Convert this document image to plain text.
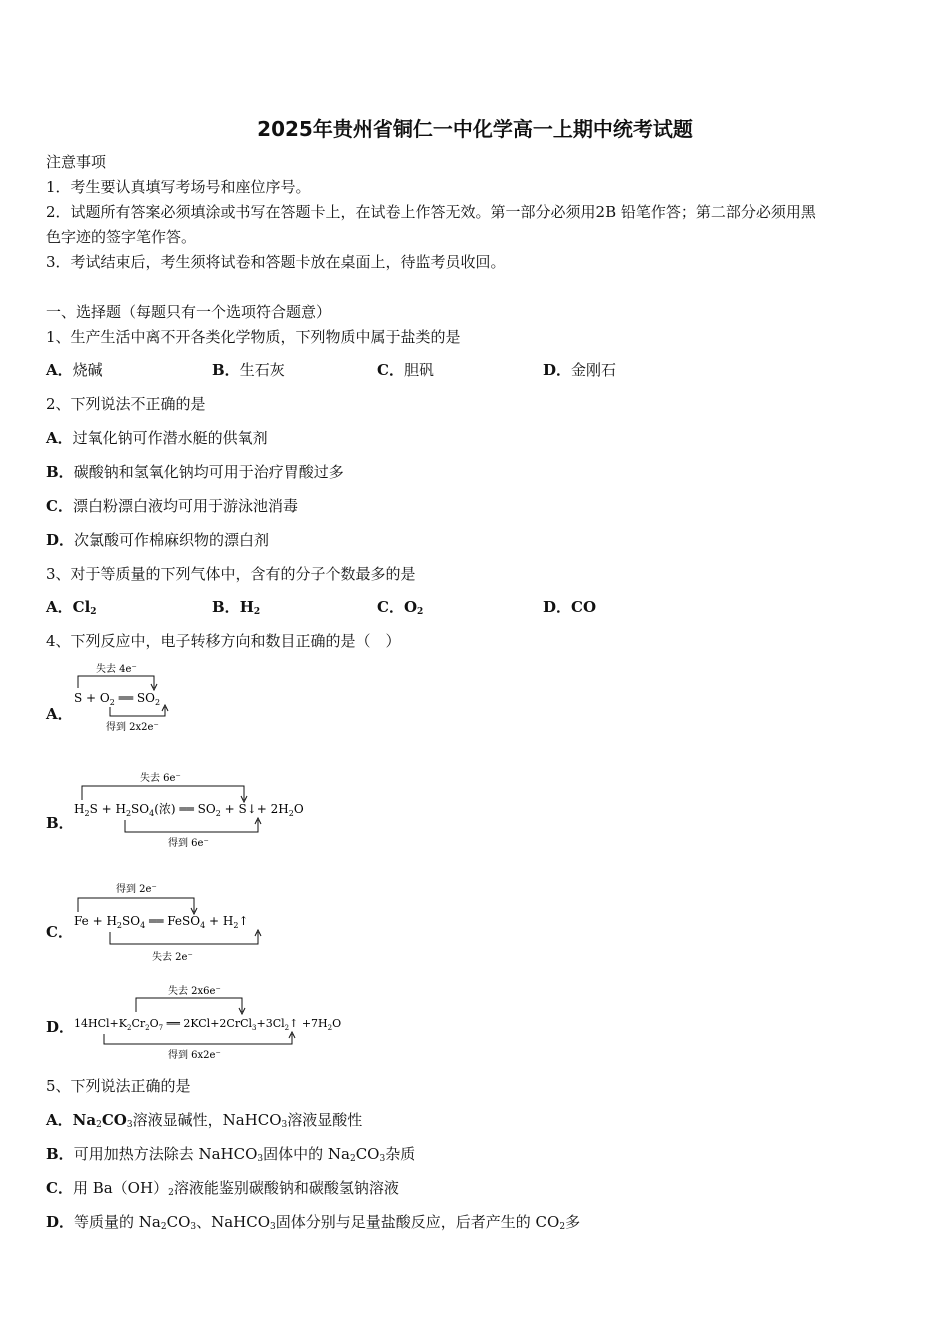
2025年贵州省铜仁一中化学高一上期中统考试题
注意事项
1．考生要认真填写考场号和座位序号。
2．试题所有答案必须填涂或书写在答题卡上，在试卷上作答无效。第一部分必须用2B 铅笔作答；第二部分必须用黑
色字迹的签字笔作答。
3．考试结束后，考生须将试卷和答题卡放在桌面上，待监考员收回。
一、选择题（每题只有一个选项符合题意）
1、生产生活中离不开各类化学物质，下列物质中属于盐类的是
A．烧碱	B．生石灰	C．胆矾	D．金刚石
2、下列说法不正确的是
A．过氧化钠可作潜水艇的供氧剂
B．碳酸钠和氢氧化钠均可用于治疗胃酸过多
C．漂白粉漂白液均可用于游泳池消毒
D．次氯酸可作棉麻织物的漂白剂
3、对于等质量的下列气体中，含有的分子个数最多的是
A．$Cl_2$	B．$H_2$	C．$O_2$	D．CO
4、下列反应中，电子转移方向和数目正确的是（　）
A．
失去 4e⁻
$S + O_2$ ══ $SO_2$
得到 2x2e⁻
B．
失去 6e⁻
$H_2S + H_2SO_4$(浓) ══ $SO_2$ + S↓+ $2H_2O$
得到 6e⁻
C．
得到 2e⁻
$Fe + H_2SO_4$ ══ FeSO$_4$ + $H_2↑$
失去 2e⁻
D．
失去 2x6e⁻
$14HCl+K_2Cr_2O_7$ ══ $2KCl+2CrCl_3+3Cl_2↑ +7H_2O$
得到 6x2e⁻
5、下列说法正确的是
A．$Na_2CO_3$溶液显碱性，NaHCO$_3$溶液显酸性
B．可用加热方法除去 NaHCO$_3$固体中的 $Na_2CO_3$杂质
C．用 $Ba(OH)_2$溶液能鉴别碳酸钠和碳酸氢钠溶液
D．等质量的 $Na_2CO_3$、NaHCO$_3$固体分别与足量盐酸反应，后者产生的 $CO_2$多
